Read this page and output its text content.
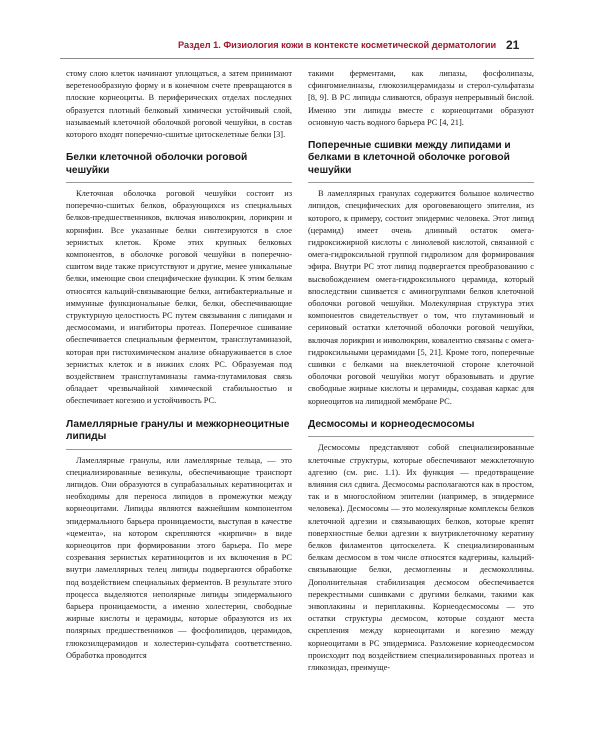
Раздел 1. Физиология кожи в контексте косметической дерматологии 21

стому слою клеток начинают уплощаться, а затем принимают веретенообразную форму и в конечном счете превращаются в плоские корнеоциты. В периферических отделах последних образуется плотный белковый химически устойчивый слой, называемый клеточной оболочкой роговой чешуйки, в состав которого входят поперечно-сшитые цитоскелетные белки [3].

Белки клеточной оболочки роговой чешуйки

Клеточная оболочка роговой чешуйки состоит из поперечно-сшитых белков, образующихся из специальных белков-предшественников, включая инволюкрин, лорикрин и корнифин. Все указанные белки синтезируются в слое зернистых клеток. Кроме этих крупных белковых компонентов, в оболочке роговой чешуйки в поперечно-сшитом виде также присутствуют и другие, менее уникальные белки, имеющие свои специфические функции. К этим белкам относятся кальций-связывающие белки, антибактериальные и иммунные функциональные белки, белки, обеспечивающие структурную целостность РС путем связывания с липидами и десмосомами, и ингибиторы протеаз. Поперечное сшивание обеспечивается специальным ферментом, трансглутаминазой, которая при гистохимическом анализе обнаруживается в слое зернистых клеток и в нижних слоях РС. Образуемая под воздействием трансглутаминазы гамма-глутамиловая связь обладает чрезвычайной химической стабильностью и обеспечивает когезию и устойчивость РС.

Ламеллярные гранулы и межкорнеоцитные липиды

Ламеллярные гранулы, или ламеллярные тельца, — это специализированные везикулы, обеспечивающие транспорт липидов. Они образуются в супрабазальных кератиноцитах и необходимы для переноса липидов в промежутки между корнеоцитами. Липиды являются важнейшим компонентом эпидермального барьера проницаемости, выступая в качестве «цемента», на котором скрепляются «кирпичи» в виде корнеоцитов при формировании этого барьера. По мере созревания зернистых кератиноцитов и их включения в РС внутри ламеллярных телец липиды подвергаются обработке под воздействием специальных ферментов. В результате этого процесса выделяются неполярные липиды эпидермального барьера проницаемости, а именно холестерин, свободные жирные кислоты и церамиды, которые образуются из их полярных предшественников — фосфолипидов, церамидов, глюкозилцерамидов и холестерин-сульфата соответственно. Обработка проводится

такими ферментами, как липазы, фосфолипазы, сфингомиелиназы, глюкозилцерамидазы и стерол-сульфатазы [8, 9]. В РС липиды сливаются, образуя непрерывный бислой. Именно эти липиды вместе с корнеоцитами образуют основную часть водного барьера РС [4, 21].

Поперечные сшивки между липидами и белками в клеточной оболочке роговой чешуйки

В ламеллярных гранулах содержится большое количество липидов, специфических для ороговевающего эпителия, из которого, к примеру, состоит эпидермис человека. Этот липид (церамид) имеет очень длинный остаток омега-гидроксижирной кислоты с линолевой кислотой, связанной с омега-гидроксильной группой гидролизом для формирования эфира. Внутри РС этот липид подвергается преобразованию с высвобождением омега-гидроксильного церамида, который впоследствии сшивается с аминогруппами белков клеточной оболочки роговой чешуйки. Молекулярная структура этих компонентов свидетельствует о том, что глутаминовый и сериновый остатки клеточной оболочки роговой чешуйки, включая лорикрин и инволюкрин, ковалентно связаны с омега-гидроксильными церамидами [5, 21]. Кроме того, поперечные сшивки с белками на внеклеточной стороне клеточной оболочки роговой чешуйки могут образовывать и другие свободные жирные кислоты и церамиды, создавая каркас для корнеоцитов на липидной мембране РС.

Десмосомы и корнеодесмосомы

Десмосомы представляют собой специализированные клеточные структуры, которые обеспечивают межклеточную адгезию (см. рис. 1.1). Их функция — предотвращение влияния сил сдвига. Десмосомы располагаются как в простом, так и в многослойном эпителии (например, в эпидермисе человека). Десмосомы — это молекулярные комплексы белков клеточной адгезии и связывающих белков, которые крепят поверхностные белки адгезии к внутриклеточному кератину белков филаментов цитоскелета. К специализированным белкам десмосом в том числе относятся кадгерины, кальций-связывающие белки, десмоглеины и десмоколлины. Дополнительная стабилизация десмосом обеспечивается перекрестными сшивками с другими белками, такими как энвоплакины и периплакины. Корнеодесмосомы — это остатки структуры десмосом, которые создают места скрепления между корнеоцитами и когезию между корнеоцитами в РС эпидермиса. Разложение корнеодесмосом происходит под воздействием специализированных протеаз и гликозидаз, преимуще-
